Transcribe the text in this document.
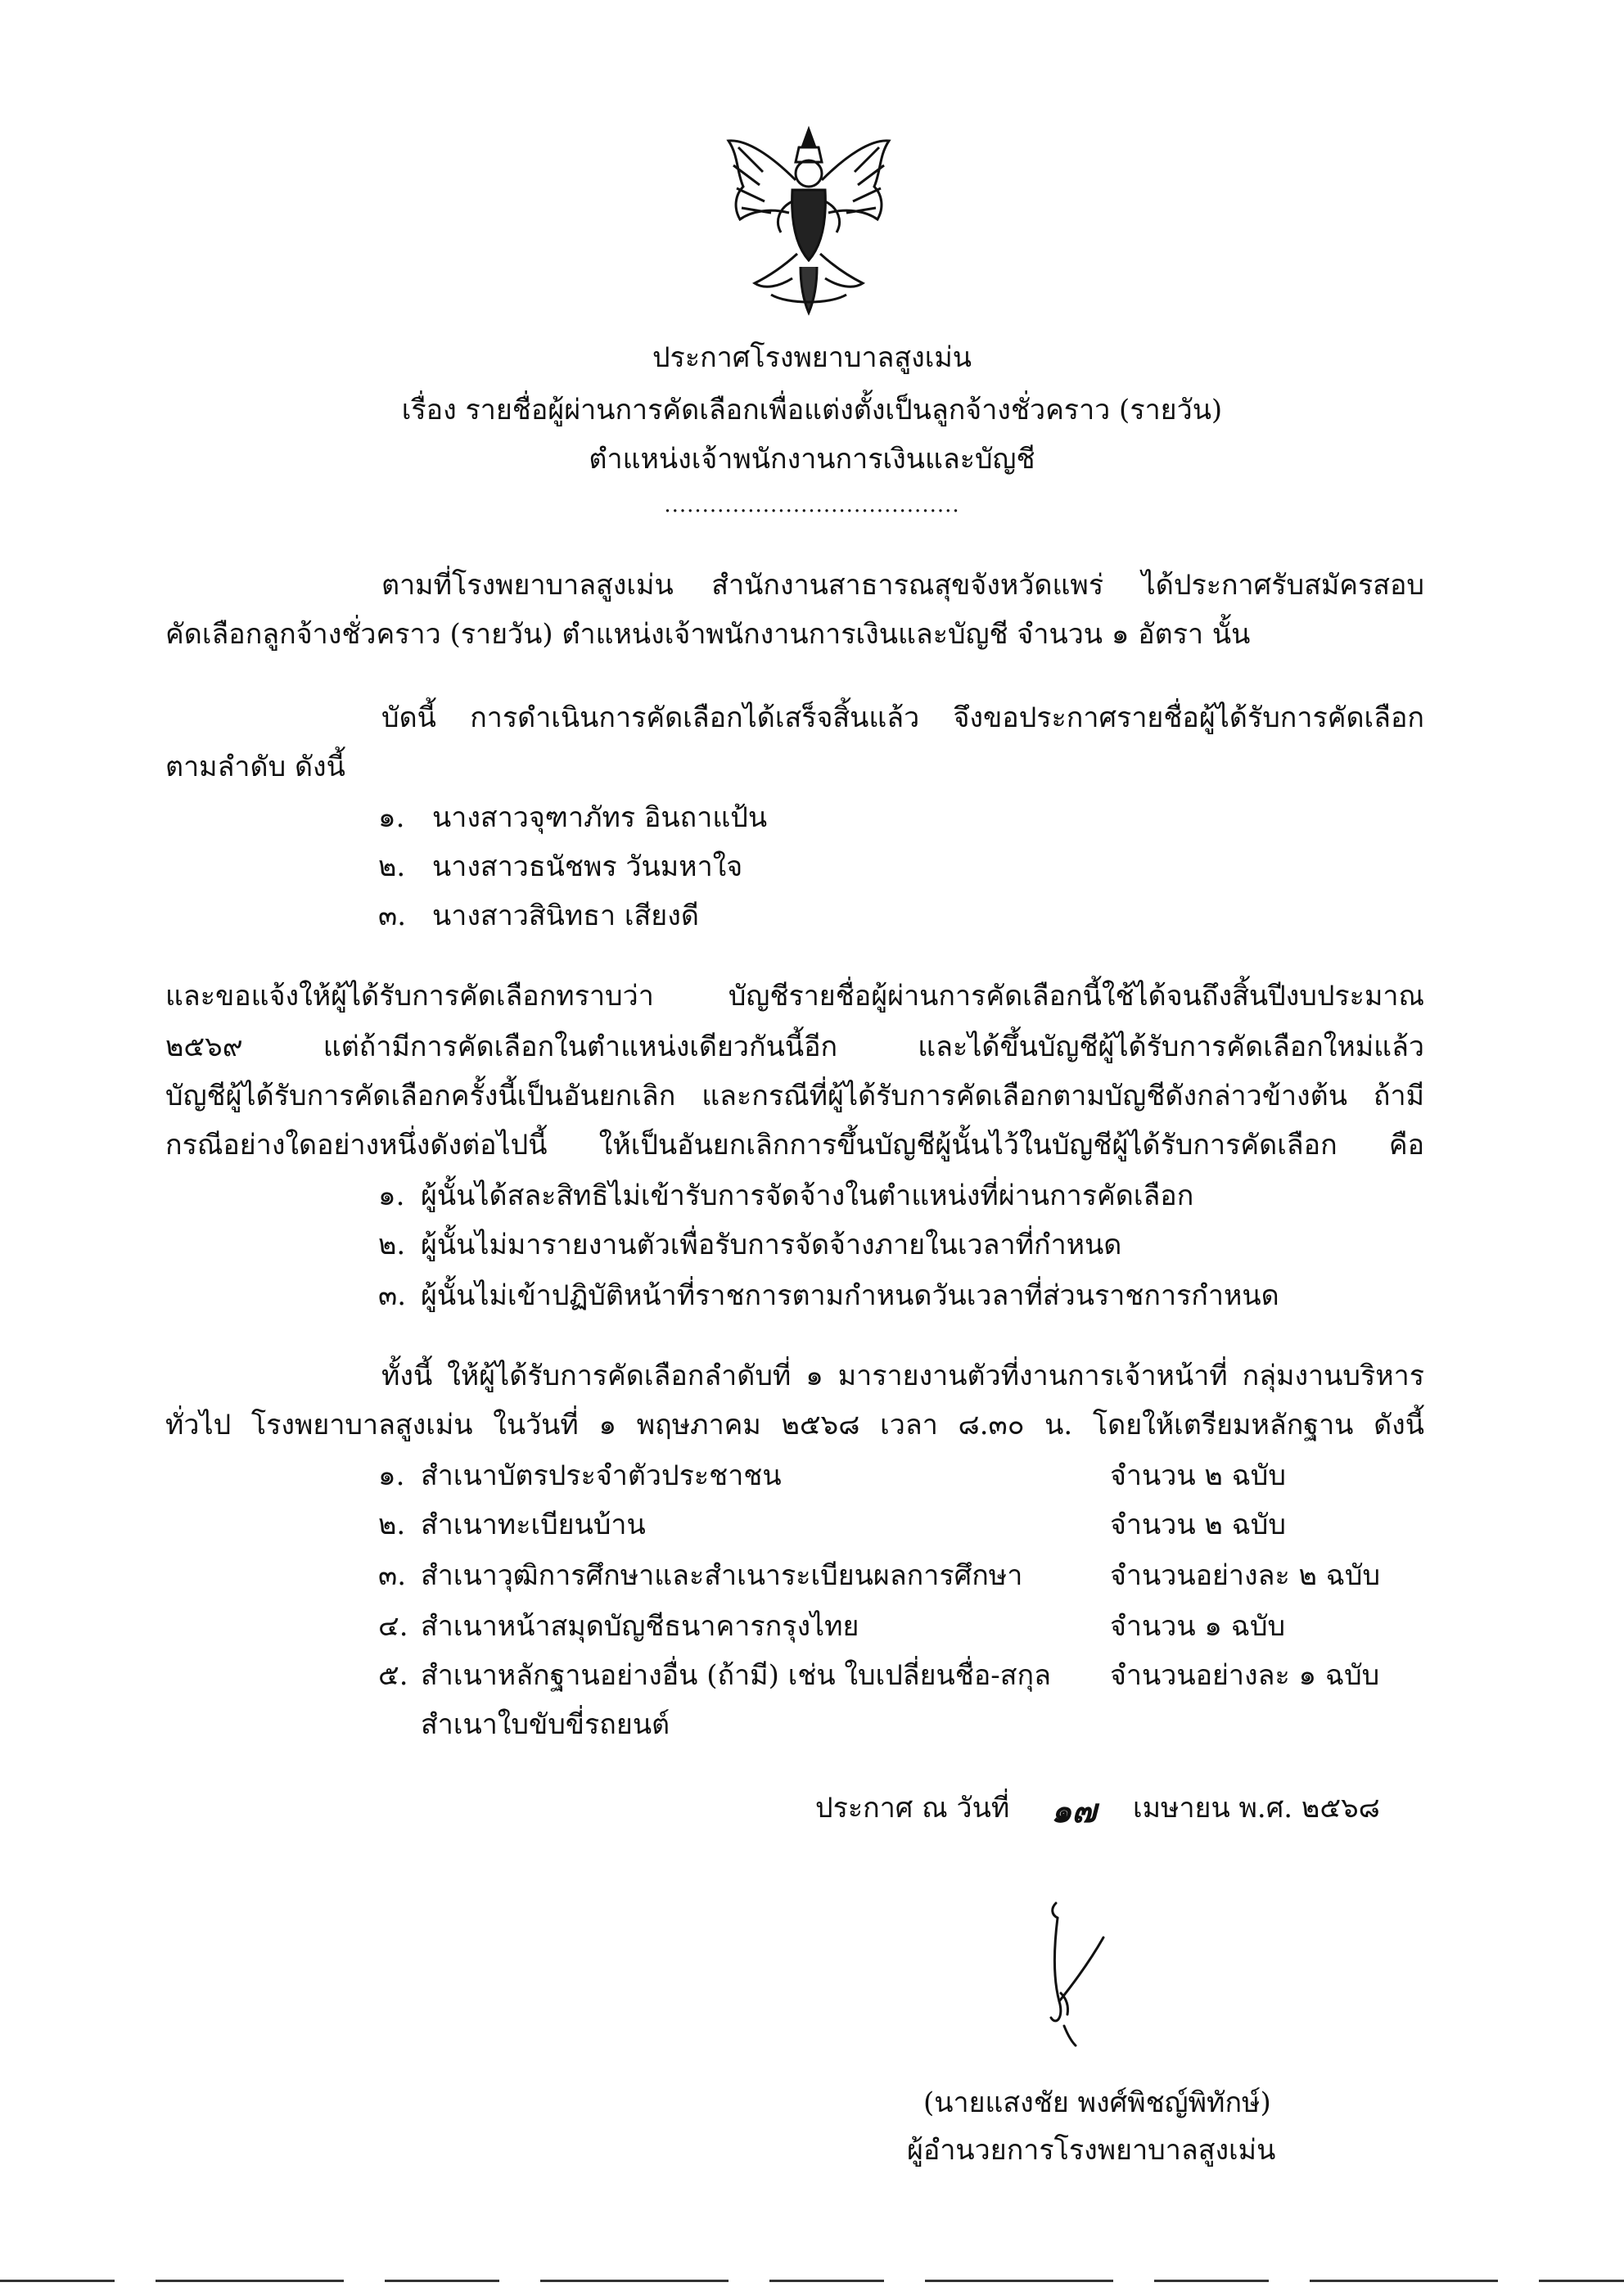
ประกาศโรงพยาบาลสูงเม่น
เรื่อง รายชื่อผู้ผ่านการคัดเลือกเพื่อแต่งตั้งเป็นลูกจ้างชั่วคราว (รายวัน)
ตำแหน่งเจ้าพนักงานการเงินและบัญชี
.......................................
ตามที่โรงพยาบาลสูงเม่น สำนักงานสาธารณสุขจังหวัดแพร่ ได้ประกาศรับสมัครสอบ
คัดเลือกลูกจ้างชั่วคราว (รายวัน) ตำแหน่งเจ้าพนักงานการเงินและบัญชี จำนวน ๑ อัตรา นั้น
บัดนี้ การดำเนินการคัดเลือกได้เสร็จสิ้นแล้ว จึงขอประกาศรายชื่อผู้ได้รับการคัดเลือก
ตามลำดับ ดังนี้
๑. นางสาวจุฑาภัทร อินถาแป้น
๒. นางสาวธนัชพร วันมหาใจ
๓. นางสาวสินิทธา เสียงดี
และขอแจ้งให้ผู้ได้รับการคัดเลือกทราบว่า บัญชีรายชื่อผู้ผ่านการคัดเลือกนี้ใช้ได้จนถึงสิ้นปีงบประมาณ
๒๕๖๙ แต่ถ้ามีการคัดเลือกในตำแหน่งเดียวกันนี้อีก และได้ขึ้นบัญชีผู้ได้รับการคัดเลือกใหม่แล้ว
บัญชีผู้ได้รับการคัดเลือกครั้งนี้เป็นอันยกเลิก และกรณีที่ผู้ได้รับการคัดเลือกตามบัญชีดังกล่าวข้างต้น ถ้ามี
กรณีอย่างใดอย่างหนึ่งดังต่อไปนี้ ให้เป็นอันยกเลิกการขึ้นบัญชีผู้นั้นไว้ในบัญชีผู้ได้รับการคัดเลือก คือ
๑. ผู้นั้นได้สละสิทธิไม่เข้ารับการจัดจ้างในตำแหน่งที่ผ่านการคัดเลือก
๒. ผู้นั้นไม่มารายงานตัวเพื่อรับการจัดจ้างภายในเวลาที่กำหนด
๓. ผู้นั้นไม่เข้าปฏิบัติหน้าที่ราชการตามกำหนดวันเวลาที่ส่วนราชการกำหนด
ทั้งนี้ ให้ผู้ได้รับการคัดเลือกลำดับที่ ๑ มารายงานตัวที่งานการเจ้าหน้าที่ กลุ่มงานบริหาร
ทั่วไป โรงพยาบาลสูงเม่น ในวันที่ ๑ พฤษภาคม ๒๕๖๘ เวลา ๘.๓๐ น. โดยให้เตรียมหลักฐาน ดังนี้
๑. สำเนาบัตรประจำตัวประชาชน	จำนวน ๒ ฉบับ
๒. สำเนาทะเบียนบ้าน	จำนวน ๒ ฉบับ
๓. สำเนาวุฒิการศึกษาและสำเนาระเบียนผลการศึกษา	จำนวนอย่างละ ๒ ฉบับ
๔. สำเนาหน้าสมุดบัญชีธนาคารกรุงไทย	จำนวน ๑ ฉบับ
๕. สำเนาหลักฐานอย่างอื่น (ถ้ามี) เช่น ใบเปลี่ยนชื่อ-สกุล จำนวนอย่างละ ๑ ฉบับ
สำเนาใบขับขี่รถยนต์
ประกาศ ณ วันที่ ๑๗ เมษายน พ.ศ. ๒๕๖๘
(นายแสงชัย พงศ์พิชญ์พิทักษ์)
ผู้อำนวยการโรงพยาบาลสูงเม่น
